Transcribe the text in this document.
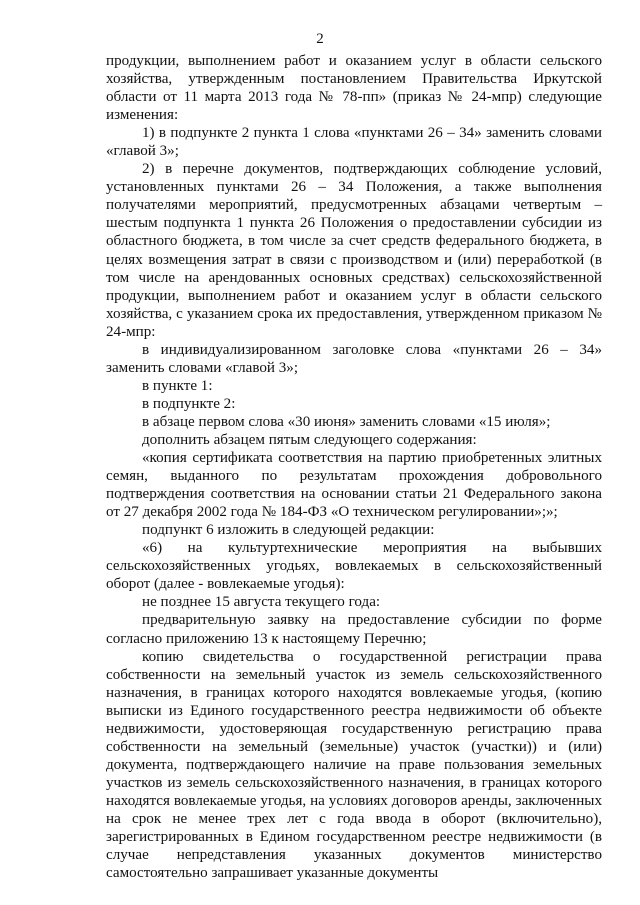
2

продукции, выполнением работ и оказанием услуг в области сельского хозяйства, утвержденным постановлением Правительства Иркутской области от 11 марта 2013 года № 78-пп» (приказ № 24-мпр) следующие изменения:

1) в подпункте 2 пункта 1 слова «пунктами 26 – 34» заменить словами «главой 3»;

2) в перечне документов, подтверждающих соблюдение условий, установленных пунктами 26 – 34 Положения, а также выполнения получателями мероприятий, предусмотренных абзацами четвертым – шестым подпункта 1 пункта 26 Положения о предоставлении субсидии из областного бюджета, в том числе за счет средств федерального бюджета, в целях возмещения затрат в связи с производством и (или) переработкой (в том числе на арендованных основных средствах) сельскохозяйственной продукции, выполнением работ и оказанием услуг в области сельского хозяйства, с указанием срока их предоставления, утвержденном приказом № 24-мпр:

в индивидуализированном заголовке слова «пунктами 26 – 34» заменить словами «главой 3»;

в пункте 1:

в подпункте 2:

в абзаце первом слова «30 июня» заменить словами «15 июля»;

дополнить абзацем пятым следующего содержания:

«копия сертификата соответствия на партию приобретенных элитных семян, выданного по результатам прохождения добровольного подтверждения соответствия на основании статьи 21 Федерального закона от 27 декабря 2002 года № 184-ФЗ «О техническом регулировании»;»;

подпункт 6 изложить в следующей редакции:

«6) на культуртехнические мероприятия на выбывших сельскохозяйственных угодьях, вовлекаемых в сельскохозяйственный оборот (далее - вовлекаемые угодья):

не позднее 15 августа текущего года:

предварительную заявку на предоставление субсидии по форме согласно приложению 13 к настоящему Перечню;

копию свидетельства о государственной регистрации права собственности на земельный участок из земель сельскохозяйственного назначения, в границах которого находятся вовлекаемые угодья, (копию выписки из Единого государственного реестра недвижимости об объекте недвижимости, удостоверяющая государственную регистрацию права собственности на земельный (земельные) участок (участки)) и (или) документа, подтверждающего наличие на праве пользования земельных участков из земель сельскохозяйственного назначения, в границах которого находятся вовлекаемые угодья, на условиях договоров аренды, заключенных на срок не менее трех лет с года ввода в оборот (включительно), зарегистрированных в Едином государственном реестре недвижимости (в случае непредставления указанных документов министерство самостоятельно запрашивает указанные документы
